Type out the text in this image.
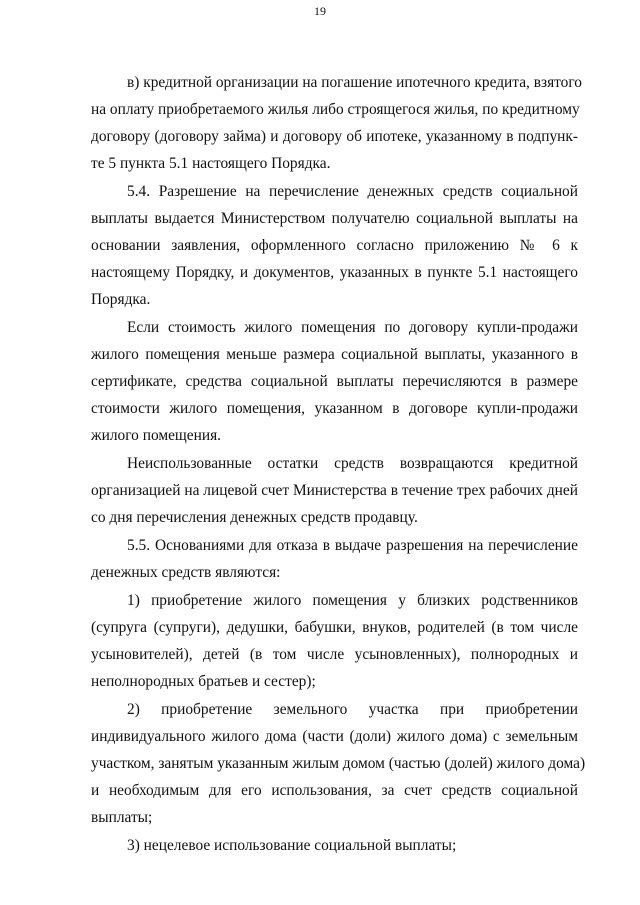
19

в) кредитной организации на погашение ипотечного кредита, взятого
на оплату приобретаемого жилья либо строящегося жилья, по кредитному
договору (договору займа) и договору об ипотеке, указанному в подпунк-
те 5 пункта 5.1 настоящего Порядка.

5.4. Разрешение на перечисление денежных средств социальной
выплаты выдается Министерством получателю социальной выплаты на
основании заявления, оформленного согласно приложению № 6 к
настоящему Порядку, и документов, указанных в пункте 5.1 настоящего
Порядка.

Если стоимость жилого помещения по договору купли-продажи
жилого помещения меньше размера социальной выплаты, указанного в
сертификате, средства социальной выплаты перечисляются в размере
стоимости жилого помещения, указанном в договоре купли-продажи
жилого помещения.

Неиспользованные остатки средств возвращаются кредитной
организацией на лицевой счет Министерства в течение трех рабочих дней
со дня перечисления денежных средств продавцу.

5.5. Основаниями для отказа в выдаче разрешения на перечисление
денежных средств являются:

1) приобретение жилого помещения у близких родственников
(супруга (супруги), дедушки, бабушки, внуков, родителей (в том числе
усыновителей), детей (в том числе усыновленных), полнородных и
неполнородных братьев и сестер);

2) приобретение земельного участка при приобретении
индивидуального жилого дома (части (доли) жилого дома) с земельным
участком, занятым указанным жилым домом (частью (долей) жилого дома)
и необходимым для его использования, за счет средств социальной
выплаты;

3) нецелевое использование социальной выплаты;
